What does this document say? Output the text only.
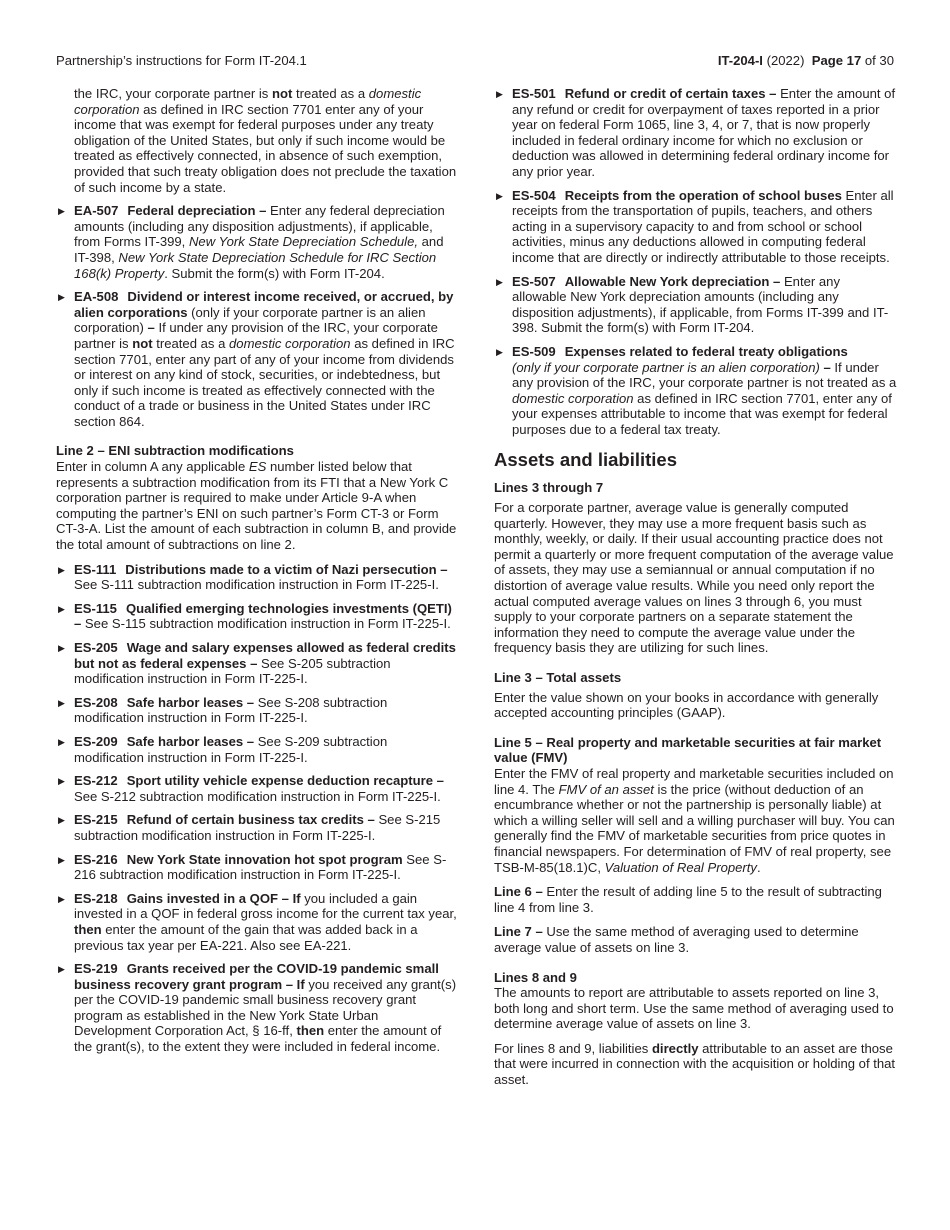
Partnership’s instructions for Form IT-204.1	IT-204-I (2022) Page 17 of 30

the IRC, your corporate partner is not treated as a domestic corporation as defined in IRC section 7701 enter any of your income that was exempt for federal purposes under any treaty obligation of the United States, but only if such income would be treated as effectively connected, in absence of such exemption, provided that such treaty obligation does not preclude the taxation of such income by a state.

▶ EA-507 Federal depreciation – Enter any federal depreciation amounts (including any disposition adjustments), if applicable, from Forms IT-399, New York State Depreciation Schedule, and IT-398, New York State Depreciation Schedule for IRC Section 168(k) Property. Submit the form(s) with Form IT-204.

▶ EA-508 Dividend or interest income received, or accrued, by alien corporations (only if your corporate partner is an alien corporation) – If under any provision of the IRC, your corporate partner is not treated as a domestic corporation as defined in IRC section 7701, enter any part of any of your income from dividends or interest on any kind of stock, securities, or indebtedness, but only if such income is treated as effectively connected with the conduct of a trade or business in the United States under IRC section 864.

Line 2 – ENI subtraction modifications

Enter in column A any applicable ES number listed below that represents a subtraction modification from its FTI that a New York C corporation partner is required to make under Article 9-A when computing the partner’s ENI on such partner’s Form CT-3 or Form CT-3-A. List the amount of each subtraction in column B, and provide the total amount of subtractions on line 2.

▶ ES-111 Distributions made to a victim of Nazi persecution – See S-111 subtraction modification instruction in Form IT-225-I.

▶ ES-115 Qualified emerging technologies investments (QETI) – See S-115 subtraction modification instruction in Form IT-225-I.

▶ ES-205 Wage and salary expenses allowed as federal credits but not as federal expenses – See S-205 subtraction modification instruction in Form IT-225-I.

▶ ES-208 Safe harbor leases – See S-208 subtraction modification instruction in Form IT-225-I.

▶ ES-209 Safe harbor leases – See S-209 subtraction modification instruction in Form IT-225-I.

▶ ES-212 Sport utility vehicle expense deduction recapture – See S-212 subtraction modification instruction in Form IT-225-I.

▶ ES-215 Refund of certain business tax credits – See S-215 subtraction modification instruction in Form IT-225-I.

▶ ES-216 New York State innovation hot spot program See S-216 subtraction modification instruction in Form IT-225-I.

▶ ES-218 Gains invested in a QOF – If you included a gain invested in a QOF in federal gross income for the current tax year, then enter the amount of the gain that was added back in a previous tax year per EA-221. Also see EA-221.

▶ ES-219 Grants received per the COVID-19 pandemic small business recovery grant program – If you received any grant(s) per the COVID-19 pandemic small business recovery grant program as established in the New York State Urban Development Corporation Act, § 16-ff, then enter the amount of the grant(s), to the extent they were included in federal income.

▶ ES-501 Refund or credit of certain taxes – Enter the amount of any refund or credit for overpayment of taxes reported in a prior year on federal Form 1065, line 3, 4, or 7, that is now properly included in federal ordinary income for which no exclusion or deduction was allowed in determining federal ordinary income for any prior year.

▶ ES-504 Receipts from the operation of school buses Enter all receipts from the transportation of pupils, teachers, and others acting in a supervisory capacity to and from school or school activities, minus any deductions allowed in computing federal income that are directly or indirectly attributable to those receipts.

▶ ES-507 Allowable New York depreciation – Enter any allowable New York depreciation amounts (including any disposition adjustments), if applicable, from Forms IT-399 and IT-398. Submit the form(s) with Form IT-204.

▶ ES-509 Expenses related to federal treaty obligations
(only if your corporate partner is an alien corporation) – If under any provision of the IRC, your corporate partner is not treated as a domestic corporation as defined in IRC section 7701, enter any of your expenses attributable to income that was exempt for federal purposes due to a federal tax treaty.

Assets and liabilities
Lines 3 through 7

For a corporate partner, average value is generally computed quarterly. However, they may use a more frequent basis such as monthly, weekly, or daily. If their usual accounting practice does not permit a quarterly or more frequent computation of the average value of assets, they may use a semiannual or annual computation if no distortion of average value results. While you need only report the actual computed average values on lines 3 through 6, you must supply to your corporate partners on a separate statement the information they need to compute the average value under the frequency basis they are utilizing for such lines.

Line 3 – Total assets

Enter the value shown on your books in accordance with generally accepted accounting principles (GAAP).

Line 5 – Real property and marketable securities at fair market value (FMV)

Enter the FMV of real property and marketable securities included on line 4. The FMV of an asset is the price (without deduction of an encumbrance whether or not the partnership is personally liable) at which a willing seller will sell and a willing purchaser will buy. You can generally find the FMV of marketable securities from price quotes in financial newspapers. For determination of FMV of real property, see TSB-M-85(18.1)C, Valuation of Real Property.

Line 6 – Enter the result of adding line 5 to the result of subtracting line 4 from line 3.

Line 7 – Use the same method of averaging used to determine average value of assets on line 3.

Lines 8 and 9

The amounts to report are attributable to assets reported on line 3, both long and short term. Use the same method of averaging used to determine average value of assets on line 3.

For lines 8 and 9, liabilities directly attributable to an asset are those that were incurred in connection with the acquisition or holding of that asset.
